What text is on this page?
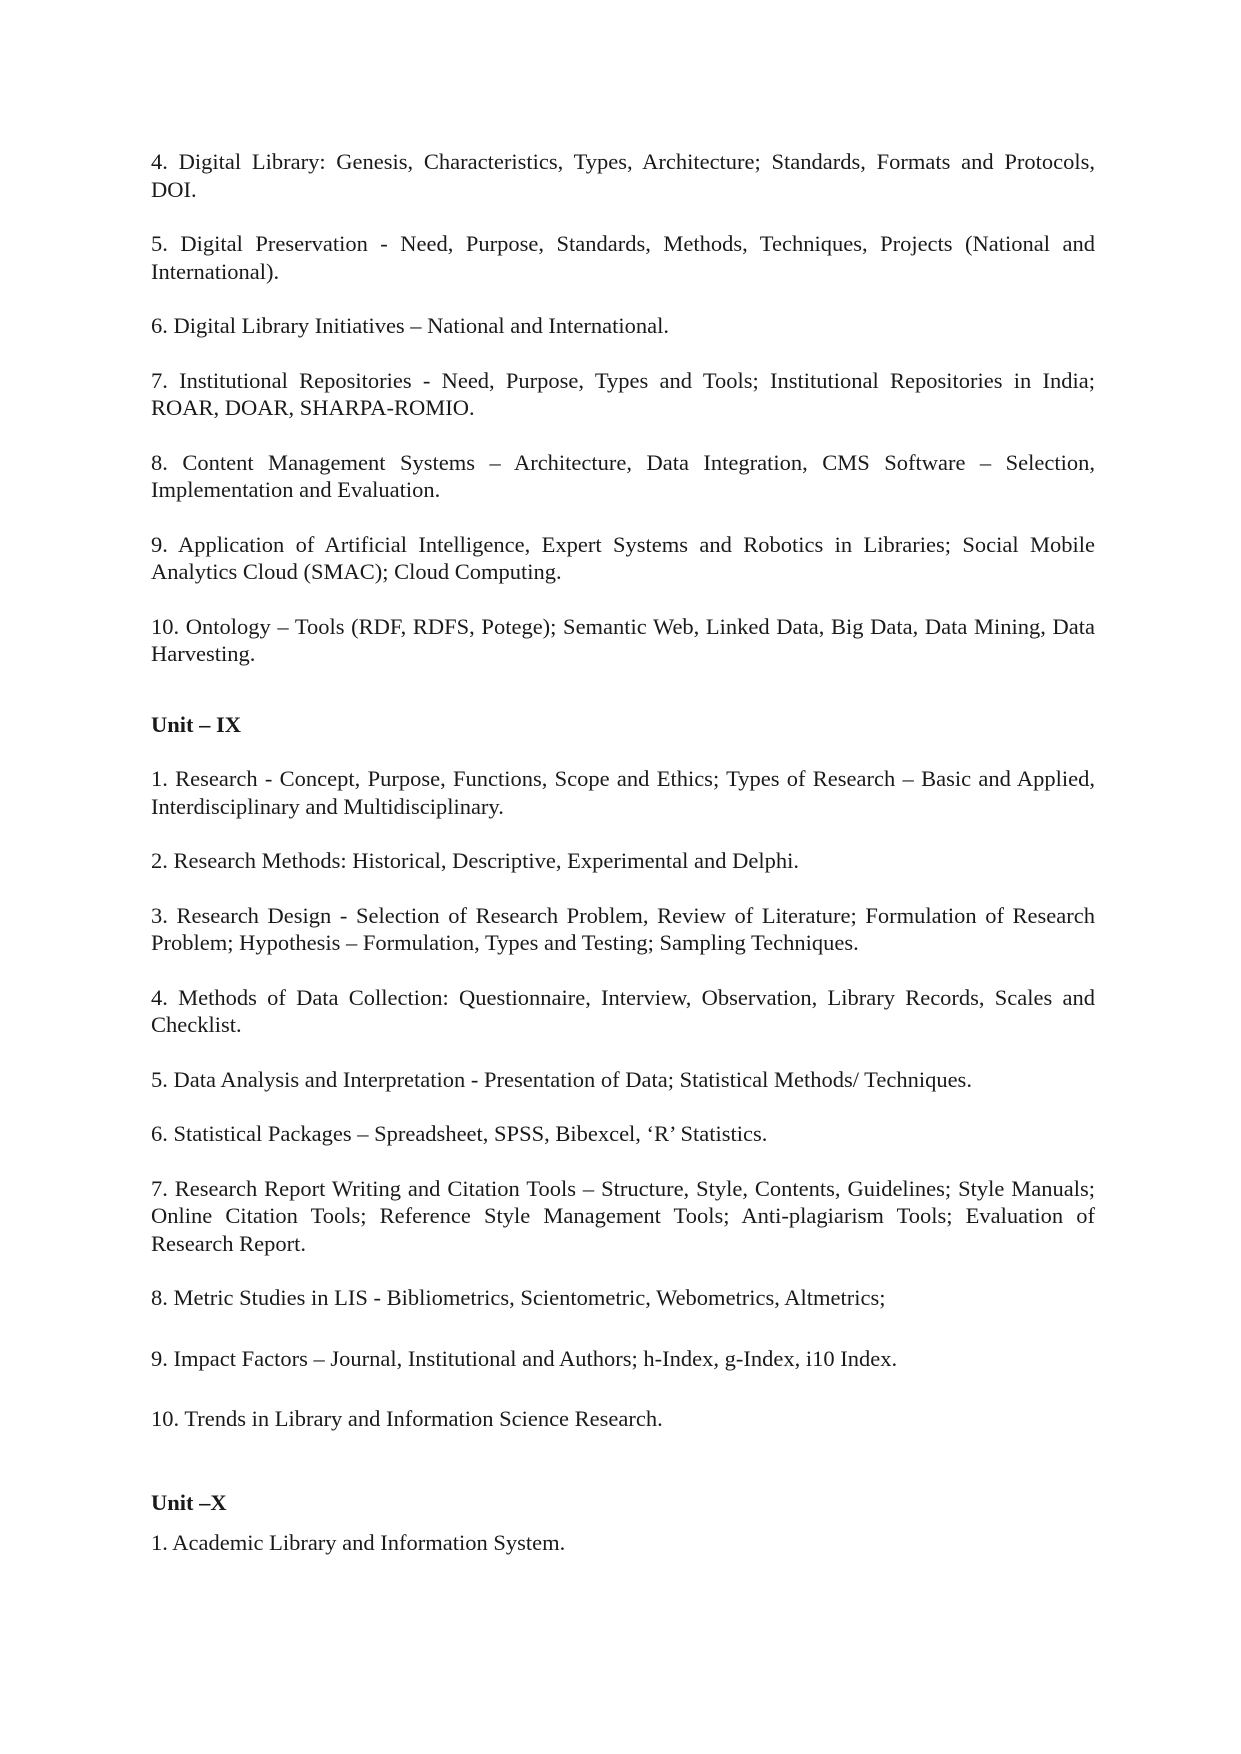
4. Digital Library: Genesis, Characteristics, Types, Architecture; Standards, Formats and Protocols, DOI.

5. Digital Preservation - Need, Purpose, Standards, Methods, Techniques, Projects (National and International).

6. Digital Library Initiatives – National and International.

7. Institutional Repositories - Need, Purpose, Types and Tools; Institutional Repositories in India; ROAR, DOAR, SHARPA-ROMIO.

8. Content Management Systems – Architecture, Data Integration, CMS Software – Selection, Implementation and Evaluation.

9. Application of Artificial Intelligence, Expert Systems and Robotics in Libraries; Social Mobile Analytics Cloud (SMAC); Cloud Computing.

10. Ontology – Tools (RDF, RDFS, Potege); Semantic Web, Linked Data, Big Data, Data Mining, Data Harvesting.

Unit – IX

1. Research - Concept, Purpose, Functions, Scope and Ethics; Types of Research – Basic and Applied, Interdisciplinary and Multidisciplinary.

2. Research Methods: Historical, Descriptive, Experimental and Delphi.

3. Research Design - Selection of Research Problem, Review of Literature; Formulation of Research Problem; Hypothesis – Formulation, Types and Testing; Sampling Techniques.

4. Methods of Data Collection: Questionnaire, Interview, Observation, Library Records, Scales and Checklist.

5. Data Analysis and Interpretation - Presentation of Data; Statistical Methods/ Techniques.

6. Statistical Packages – Spreadsheet, SPSS, Bibexcel, ‘R’ Statistics.

7. Research Report Writing and Citation Tools – Structure, Style, Contents, Guidelines; Style Manuals; Online Citation Tools; Reference Style Management Tools; Anti-plagiarism Tools; Evaluation of Research Report.

8. Metric Studies in LIS - Bibliometrics, Scientometric, Webometrics, Altmetrics;

9. Impact Factors – Journal, Institutional and Authors; h-Index, g-Index, i10 Index.

10. Trends in Library and Information Science Research.

Unit –X

1. Academic Library and Information System.
